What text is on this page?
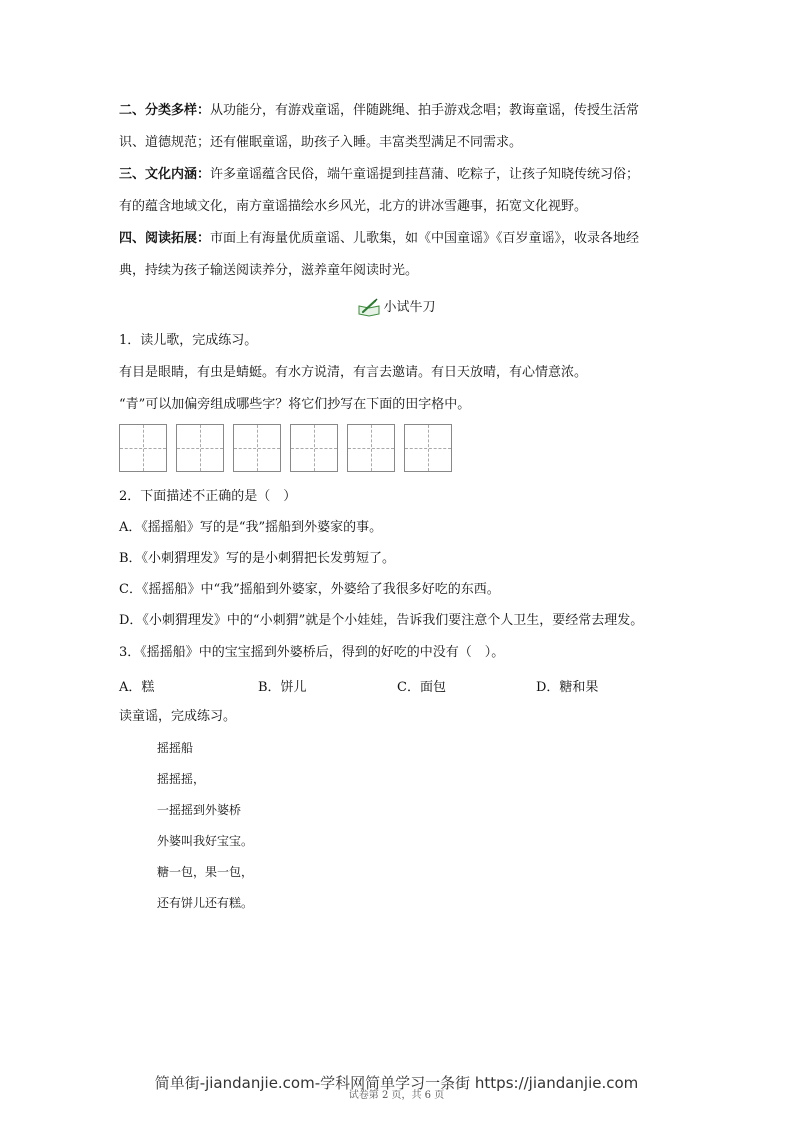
二、分类多样：从功能分，有游戏童谣，伴随跳绳、拍手游戏念唱；教诲童谣，传授生活常
识、道德规范；还有催眠童谣，助孩子入睡。丰富类型满足不同需求。
三、文化内涵：许多童谣蕴含民俗，端午童谣提到挂菖蒲、吃粽子，让孩子知晓传统习俗；
有的蕴含地域文化，南方童谣描绘水乡风光，北方的讲冰雪趣事，拓宽文化视野。
四、阅读拓展：市面上有海量优质童谣、儿歌集，如《中国童谣》《百岁童谣》，收录各地经
典，持续为孩子输送阅读养分，滋养童年阅读时光。
小试牛刀
1．读儿歌，完成练习。
有目是眼睛，有虫是蜻蜓。有水方说清，有言去邀请。有日天放晴，有心情意浓。
“青”可以加偏旁组成哪些字？将它们抄写在下面的田字格中。
2．下面描述不正确的是（　）
A．《摇摇船》写的是“我”摇船到外婆家的事。
B．《小刺猬理发》写的是小刺猬把长发剪短了。
C．《摇摇船》中“我”摇船到外婆家，外婆给了我很多好吃的东西。
D．《小刺猬理发》中的“小刺猬”就是个小娃娃，告诉我们要注意个人卫生，要经常去理发。
3．《摇摇船》中的宝宝摇到外婆桥后，得到的好吃的中没有（　）。
A．糕	B．饼儿	C．面包	D．糖和果
读童谣，完成练习。
摇摇船
摇摇摇，
一摇摇到外婆桥
外婆叫我好宝宝。
糖一包，果一包，
还有饼儿还有糕。
简单街-jiandanjie.com-学科网简单学习一条街 https://jiandanjie.com
试卷第 2 页，共 6 页
